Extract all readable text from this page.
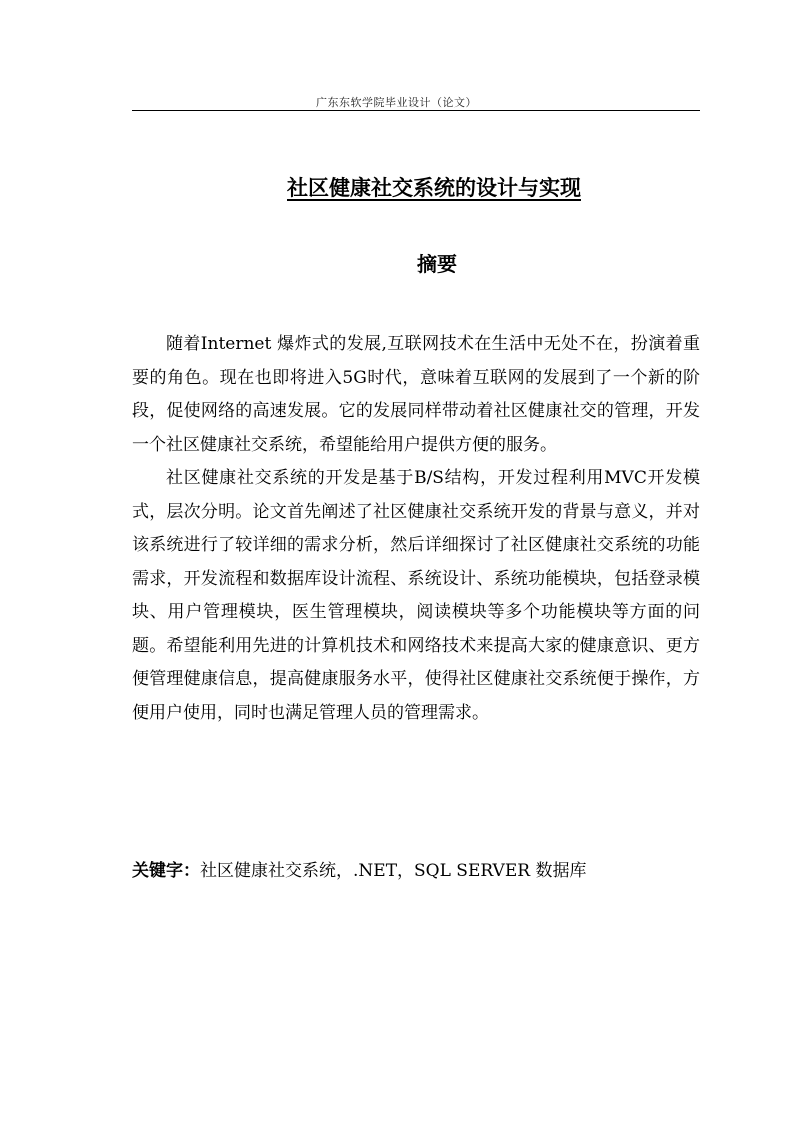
广东东软学院毕业设计（论文）
社区健康社交系统的设计与实现
摘要

随着Internet 爆炸式的发展,互联网技术在生活中无处不在，扮演着重要的角色。现在也即将进入5G时代，意味着互联网的发展到了一个新的阶段，促使网络的高速发展。它的发展同样带动着社区健康社交的管理，开发一个社区健康社交系统，希望能给用户提供方便的服务。

社区健康社交系统的开发是基于B/S结构，开发过程利用MVC开发模式，层次分明。论文首先阐述了社区健康社交系统开发的背景与意义，并对该系统进行了较详细的需求分析，然后详细探讨了社区健康社交系统的功能需求，开发流程和数据库设计流程、系统设计、系统功能模块，包括登录模块、用户管理模块，医生管理模块，阅读模块等多个功能模块等方面的问题。希望能利用先进的计算机技术和网络技术来提高大家的健康意识、更方便管理健康信息，提高健康服务水平，使得社区健康社交系统便于操作，方便用户使用，同时也满足管理人员的管理需求。

关键字：社区健康社交系统，.NET，SQL SERVER 数据库
